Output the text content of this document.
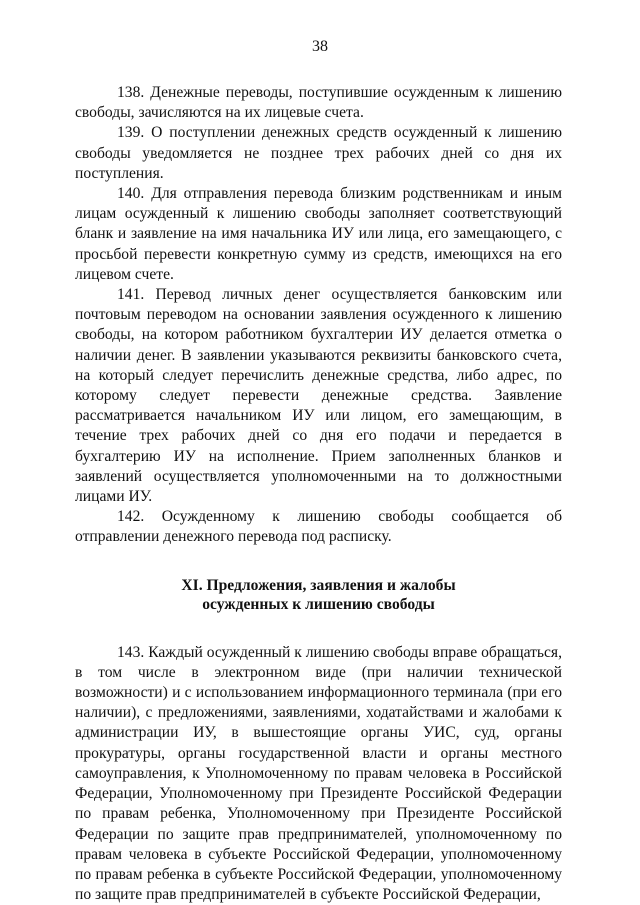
38

138. Денежные переводы, поступившие осужденным к лишению свободы, зачисляются на их лицевые счета.

139. О поступлении денежных средств осужденный к лишению свободы уведомляется не позднее трех рабочих дней со дня их поступления.

140. Для отправления перевода близким родственникам и иным лицам осужденный к лишению свободы заполняет соответствующий бланк и заявление на имя начальника ИУ или лица, его замещающего, с просьбой перевести конкретную сумму из средств, имеющихся на его лицевом счете.

141. Перевод личных денег осуществляется банковским или почтовым переводом на основании заявления осужденного к лишению свободы, на котором работником бухгалтерии ИУ делается отметка о наличии денег. В заявлении указываются реквизиты банковского счета, на который следует перечислить денежные средства, либо адрес, по которому следует перевести денежные средства. Заявление рассматривается начальником ИУ или лицом, его замещающим, в течение трех рабочих дней со дня его подачи и передается в бухгалтерию ИУ на исполнение. Прием заполненных бланков и заявлений осуществляется уполномоченными на то должностными лицами ИУ.

142. Осужденному к лишению свободы сообщается об отправлении денежного перевода под расписку.

XI. Предложения, заявления и жалобы
осужденных к лишению свободы

143. Каждый осужденный к лишению свободы вправе обращаться, в том числе в электронном виде (при наличии технической возможности) и с использованием информационного терминала (при его наличии), с предложениями, заявлениями, ходатайствами и жалобами к администрации ИУ, в вышестоящие органы УИС, суд, органы прокуратуры, органы государственной власти и органы местного самоуправления, к Уполномоченному по правам человека в Российской Федерации, Уполномоченному при Президенте Российской Федерации по правам ребенка, Уполномоченному при Президенте Российской Федерации по защите прав предпринимателей, уполномоченному по правам человека в субъекте Российской Федерации, уполномоченному по правам ребенка в субъекте Российской Федерации, уполномоченному по защите прав предпринимателей в субъекте Российской Федерации,
